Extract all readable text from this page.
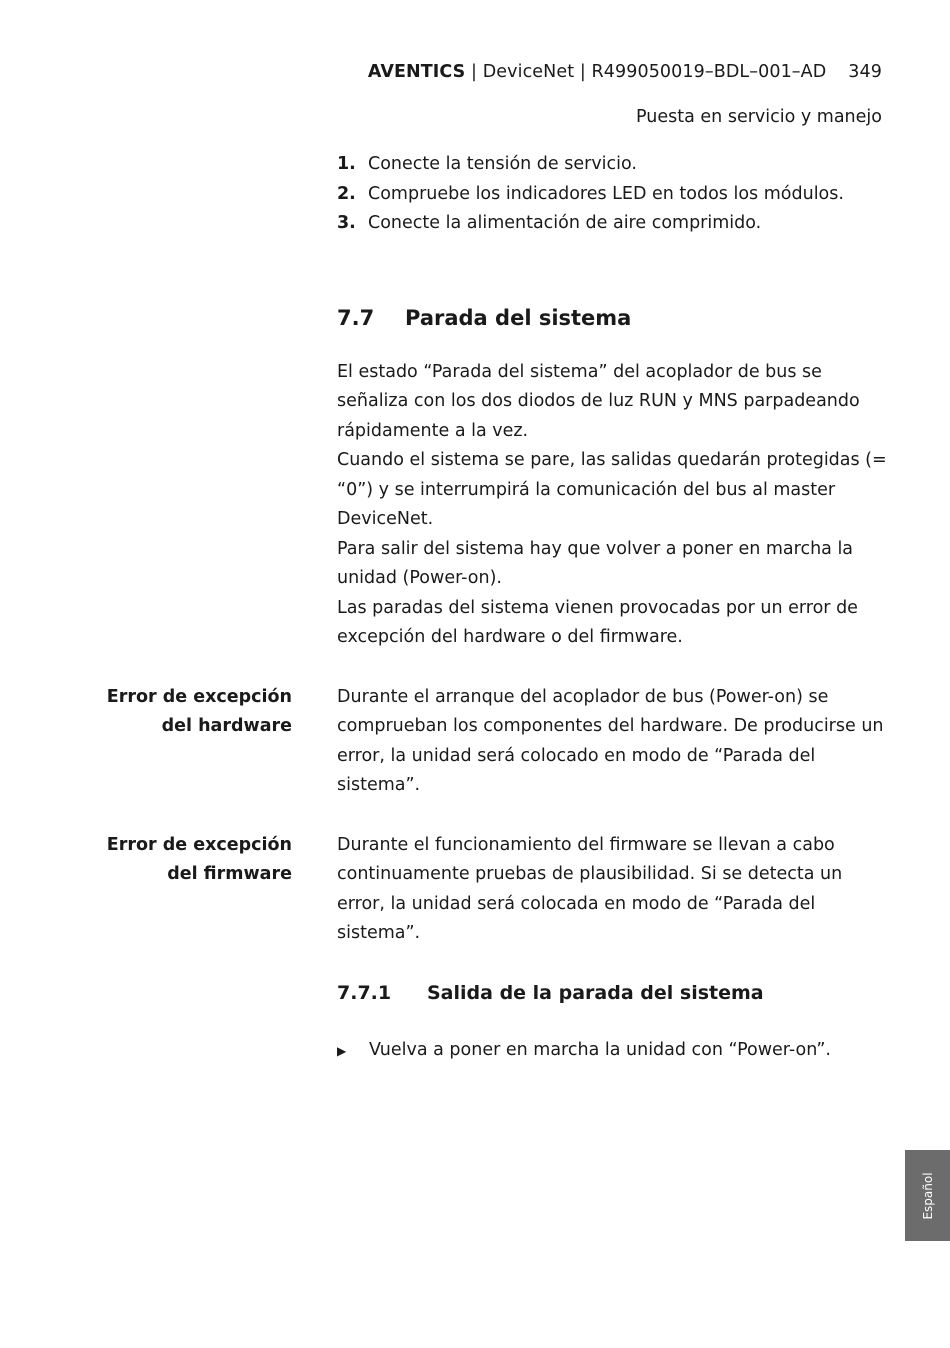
AVENTICS | DeviceNet | R499050019–BDL–001–AD 349
Puesta en servicio y manejo
1. Conecte la tensión de servicio.
2. Compruebe los indicadores LED en todos los módulos.
3. Conecte la alimentación de aire comprimido.
7.7	Parada del sistema

El estado “Parada del sistema” del acoplador de bus se señaliza con los dos diodos de luz RUN y MNS parpadeando rápidamente a la vez.

Cuando el sistema se pare, las salidas quedarán protegidas (= “0”) y se interrumpirá la comunicación del bus al master DeviceNet.

Para salir del sistema hay que volver a poner en marcha la unidad (Power-on).

Las paradas del sistema vienen provocadas por un error de excepción del hardware o del firmware.

Error de excepción
del hardware

Durante el arranque del acoplador de bus (Power-on) se comprueban los componentes del hardware. De producirse un error, la unidad será colocado en modo de “Parada del sistema”.

Error de excepción
del firmware

Durante el funcionamiento del firmware se llevan a cabo continuamente pruebas de plausibilidad. Si se detecta un error, la unidad será colocada en modo de “Parada del sistema”.

7.7.1	Salida de la parada del sistema
▶	Vuelva a poner en marcha la unidad con “Power-on”.
Español
